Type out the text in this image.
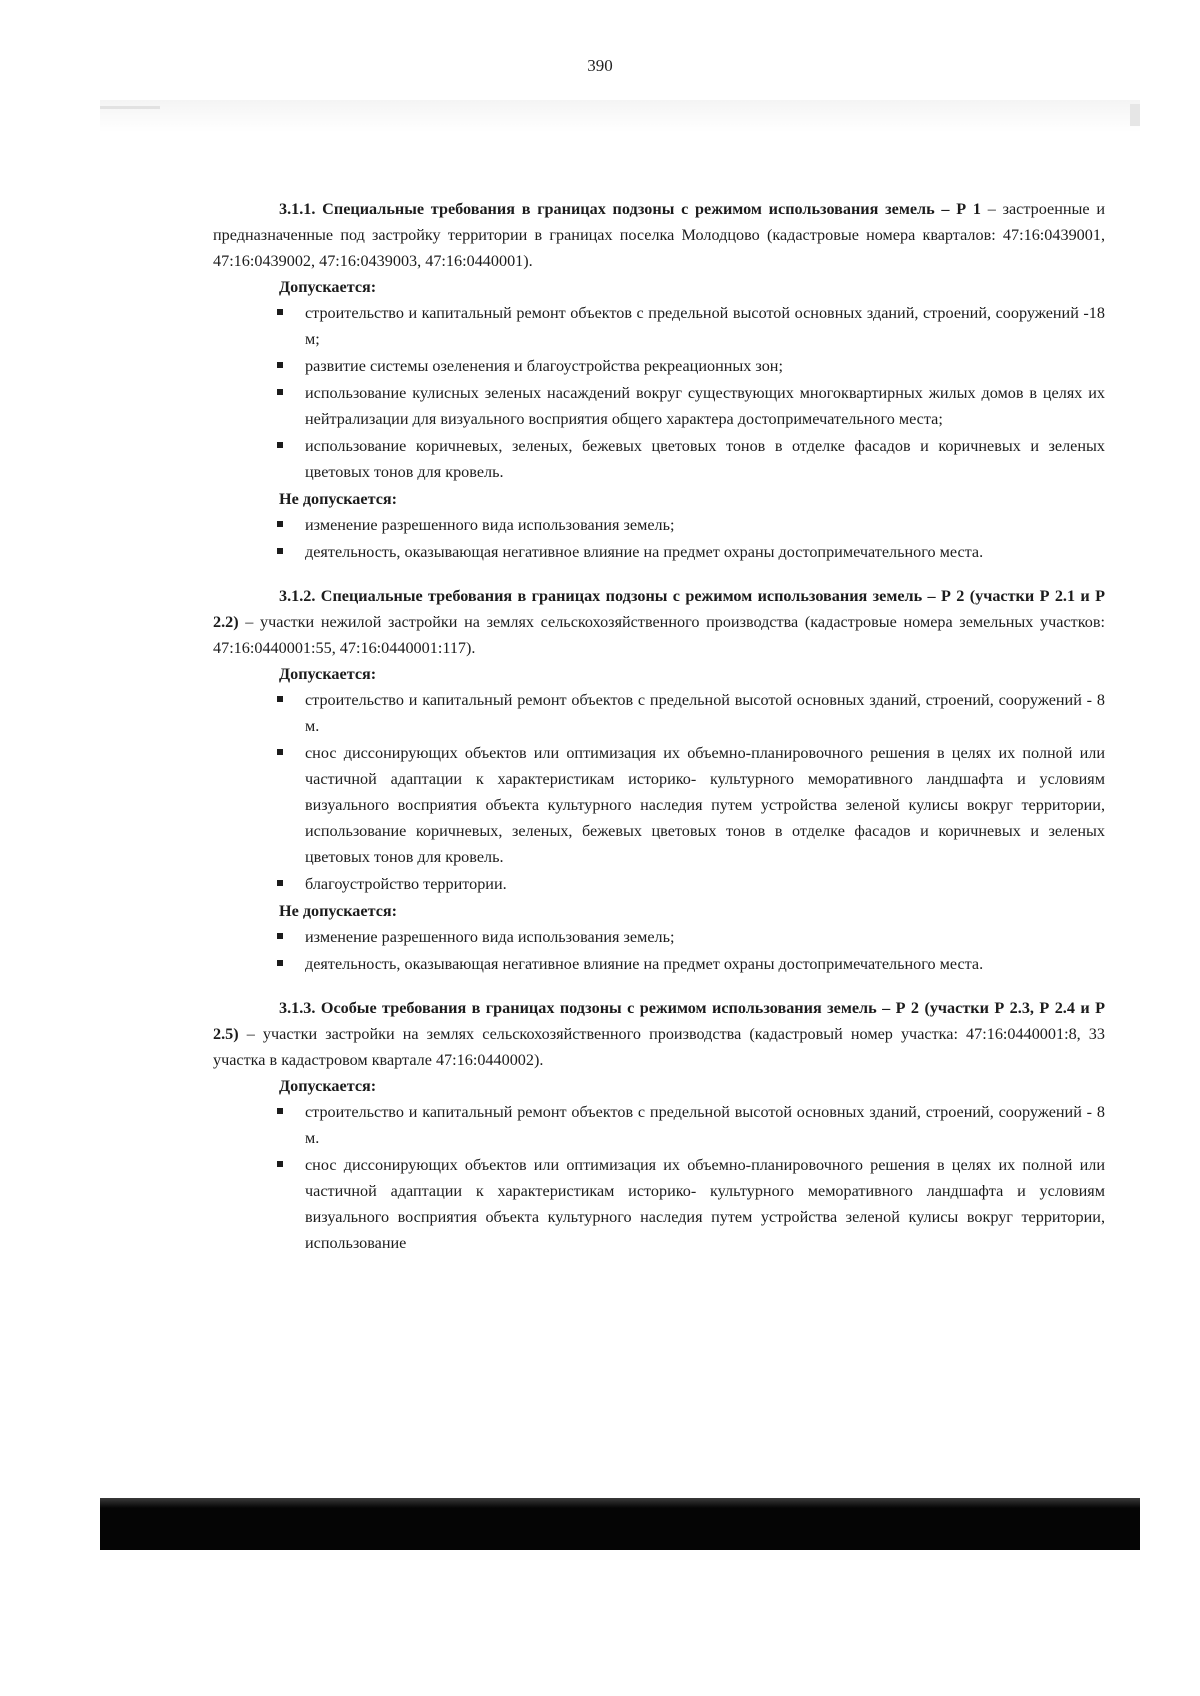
390

3.1.1. Специальные требования в границах подзоны с режимом использования земель – Р 1 – застроенные и предназначенные под застройку территории в границах поселка Молодцово (кадастровые номера кварталов: 47:16:0439001, 47:16:0439002, 47:16:0439003, 47:16:0440001).

Допускается:

строительство и капитальный ремонт объектов с предельной высотой основных зданий, строений, сооружений -18 м;
развитие системы озеленения и благоустройства рекреационных зон;
использование кулисных зеленых насаждений вокруг существующих многоквартирных жилых домов в целях их нейтрализации для визуального восприятия общего характера достопримечательного места;
использование коричневых, зеленых, бежевых цветовых тонов в отделке фасадов и коричневых и зеленых цветовых тонов для кровель.

Не допускается:

изменение разрешенного вида использования земель;
деятельность, оказывающая негативное влияние на предмет охраны достопримечательного места.

3.1.2. Специальные требования в границах подзоны с режимом использования земель – Р 2 (участки Р 2.1 и Р 2.2) – участки нежилой застройки на землях сельскохозяйственного производства (кадастровые номера земельных участков: 47:16:0440001:55, 47:16:0440001:117).

Допускается:

строительство и капитальный ремонт объектов с предельной высотой основных зданий, строений, сооружений - 8 м.
снос диссонирующих объектов или оптимизация их объемно-планировочного решения в целях их полной или частичной адаптации к характеристикам историко- культурного меморативного ландшафта и условиям визуального восприятия объекта культурного наследия путем устройства зеленой кулисы вокруг территории, использование коричневых, зеленых, бежевых цветовых тонов в отделке фасадов и коричневых и зеленых цветовых тонов для кровель.
благоустройство территории.

Не допускается:

изменение разрешенного вида использования земель;
деятельность, оказывающая негативное влияние на предмет охраны достопримечательного места.

3.1.3. Особые требования в границах подзоны с режимом использования земель – Р 2 (участки Р 2.3, Р 2.4 и Р 2.5) – участки застройки на землях сельскохозяйственного производства (кадастровый номер участка: 47:16:0440001:8, 33 участка в кадастровом квартале 47:16:0440002).

Допускается:

строительство и капитальный ремонт объектов с предельной высотой основных зданий, строений, сооружений - 8 м.
снос диссонирующих объектов или оптимизация их объемно-планировочного решения в целях их полной или частичной адаптации к характеристикам историко- культурного меморативного ландшафта и условиям визуального восприятия объекта культурного наследия путем устройства зеленой кулисы вокруг территории, использование
